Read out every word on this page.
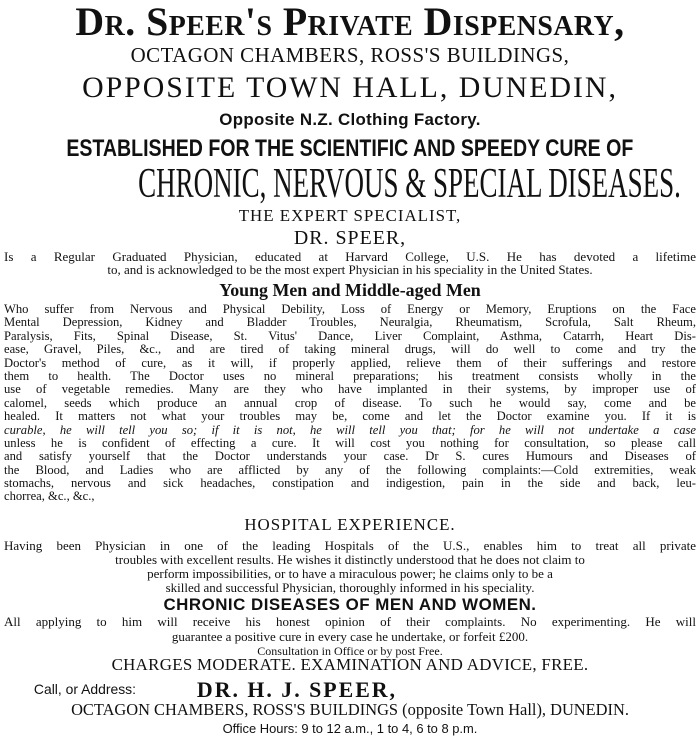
Dr. Speer's Private Dispensary,
OCTAGON CHAMBERS, ROSS'S BUILDINGS,
OPPOSITE TOWN HALL, DUNEDIN,
Opposite N.Z. Clothing Factory.
ESTABLISHED FOR THE SCIENTIFIC AND SPEEDY CURE OF
CHRONIC, NERVOUS & SPECIAL DISEASES.
THE EXPERT SPECIALIST,
DR. SPEER,
Is a Regular Graduated Physician, educated at Harvard College, U.S. He has devoted a lifetime
to, and is acknowledged to be the most expert Physician in his speciality in the United States.
Young Men and Middle-aged Men
Who suffer from Nervous and Physical Debility, Loss of Energy or Memory, Eruptions on the Face
Mental Depression, Kidney and Bladder Troubles, Neuralgia, Rheumatism, Scrofula, Salt Rheum,
Paralysis, Fits, Spinal Disease, St. Vitus' Dance, Liver Complaint, Asthma, Catarrh, Heart Dis-
ease, Gravel, Piles, &c., and are tired of taking mineral drugs, will do well to come and try the
Doctor's method of cure, as it will, if properly applied, relieve them of their sufferings and restore
them to health. The Doctor uses no mineral preparations; his treatment consists wholly in the
use of vegetable remedies. Many are they who have implanted in their systems, by improper use of
calomel, seeds which produce an annual crop of disease. To such he would say, come and be
healed. It matters not what your troubles may be, come and let the Doctor examine you. If it is
curable, he will tell you so; if it is not, he will tell you that; for he will not undertake a case
unless he is confident of effecting a cure. It will cost you nothing for consultation, so please call
and satisfy yourself that the Doctor understands your case. Dr S. cures Humours and Diseases of
the Blood, and Ladies who are afflicted by any of the following complaints:—Cold extremities, weak
stomachs, nervous and sick headaches, constipation and indigestion, pain in the side and back, leu-
chorrea, &c., &c.,
HOSPITAL EXPERIENCE.
Having been Physician in one of the leading Hospitals of the U.S., enables him to treat all private
troubles with excellent results. He wishes it distinctly understood that he does not claim to
perform impossibilities, or to have a miraculous power; he claims only to be a
skilled and successful Physician, thoroughly informed in his speciality.
CHRONIC DISEASES OF MEN AND WOMEN.
All applying to him will receive his honest opinion of their complaints. No experimenting. He will
guarantee a positive cure in every case he undertake, or forfeit £200.
Consultation in Office or by post Free.
CHARGES MODERATE. EXAMINATION AND ADVICE, FREE.
Call, or Address:	DR. H. J. SPEER,
OCTAGON CHAMBERS, ROSS'S BUILDINGS (opposite Town Hall), DUNEDIN.
Office Hours: 9 to 12 a.m., 1 to 4, 6 to 8 p.m.
